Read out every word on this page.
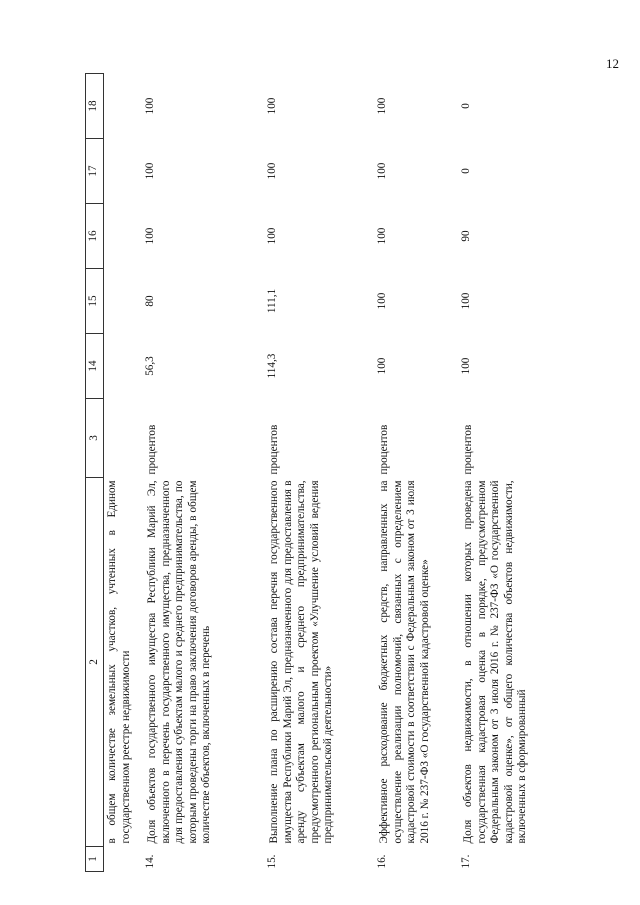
12
1	2	3	14	15	16	17	18
	в общем количестве земельных участков, учтенных в Едином государственном реестре недвижимости						
14.	Доля объектов государственного имущества Республики Марий Эл, включенного в перечень государственного имущества, предназначенного для предоставления субъектам малого и среднего предпринимательства, по которым проведены торги на право заключения договоров аренды, в общем количестве объектов, включенных в перечень	процентов	56,3	80	100	100	100
15.	Выполнение плана по расширению состава перечня государственного имущества Республики Марий Эл, предназначенного для предоставления в аренду субъектам малого и среднего предпринимательства, предусмотренного региональным проектом «Улучшение условий ведения предпринимательской деятельности»	процентов	114,3	111,1	100	100	100
16.	Эффективное расходование бюджетных средств, направленных на осуществление реализации полномочий, связанных с определением кадастровой стоимости в соответствии с Федеральным законом от 3 июля 2016 г. № 237-ФЗ «О государственной кадастровой оценке»	процентов	100	100	100	100	100
17.	Доля объектов недвижимости, в отношении которых проведена государственная кадастровая оценка в порядке, предусмотренном Федеральным законом от 3 июля 2016 г. № 237-ФЗ «О государственной кадастровой оценке», от общего количества объектов недвижимости, включенных в сформированный	процентов	100	100	90	0	0
